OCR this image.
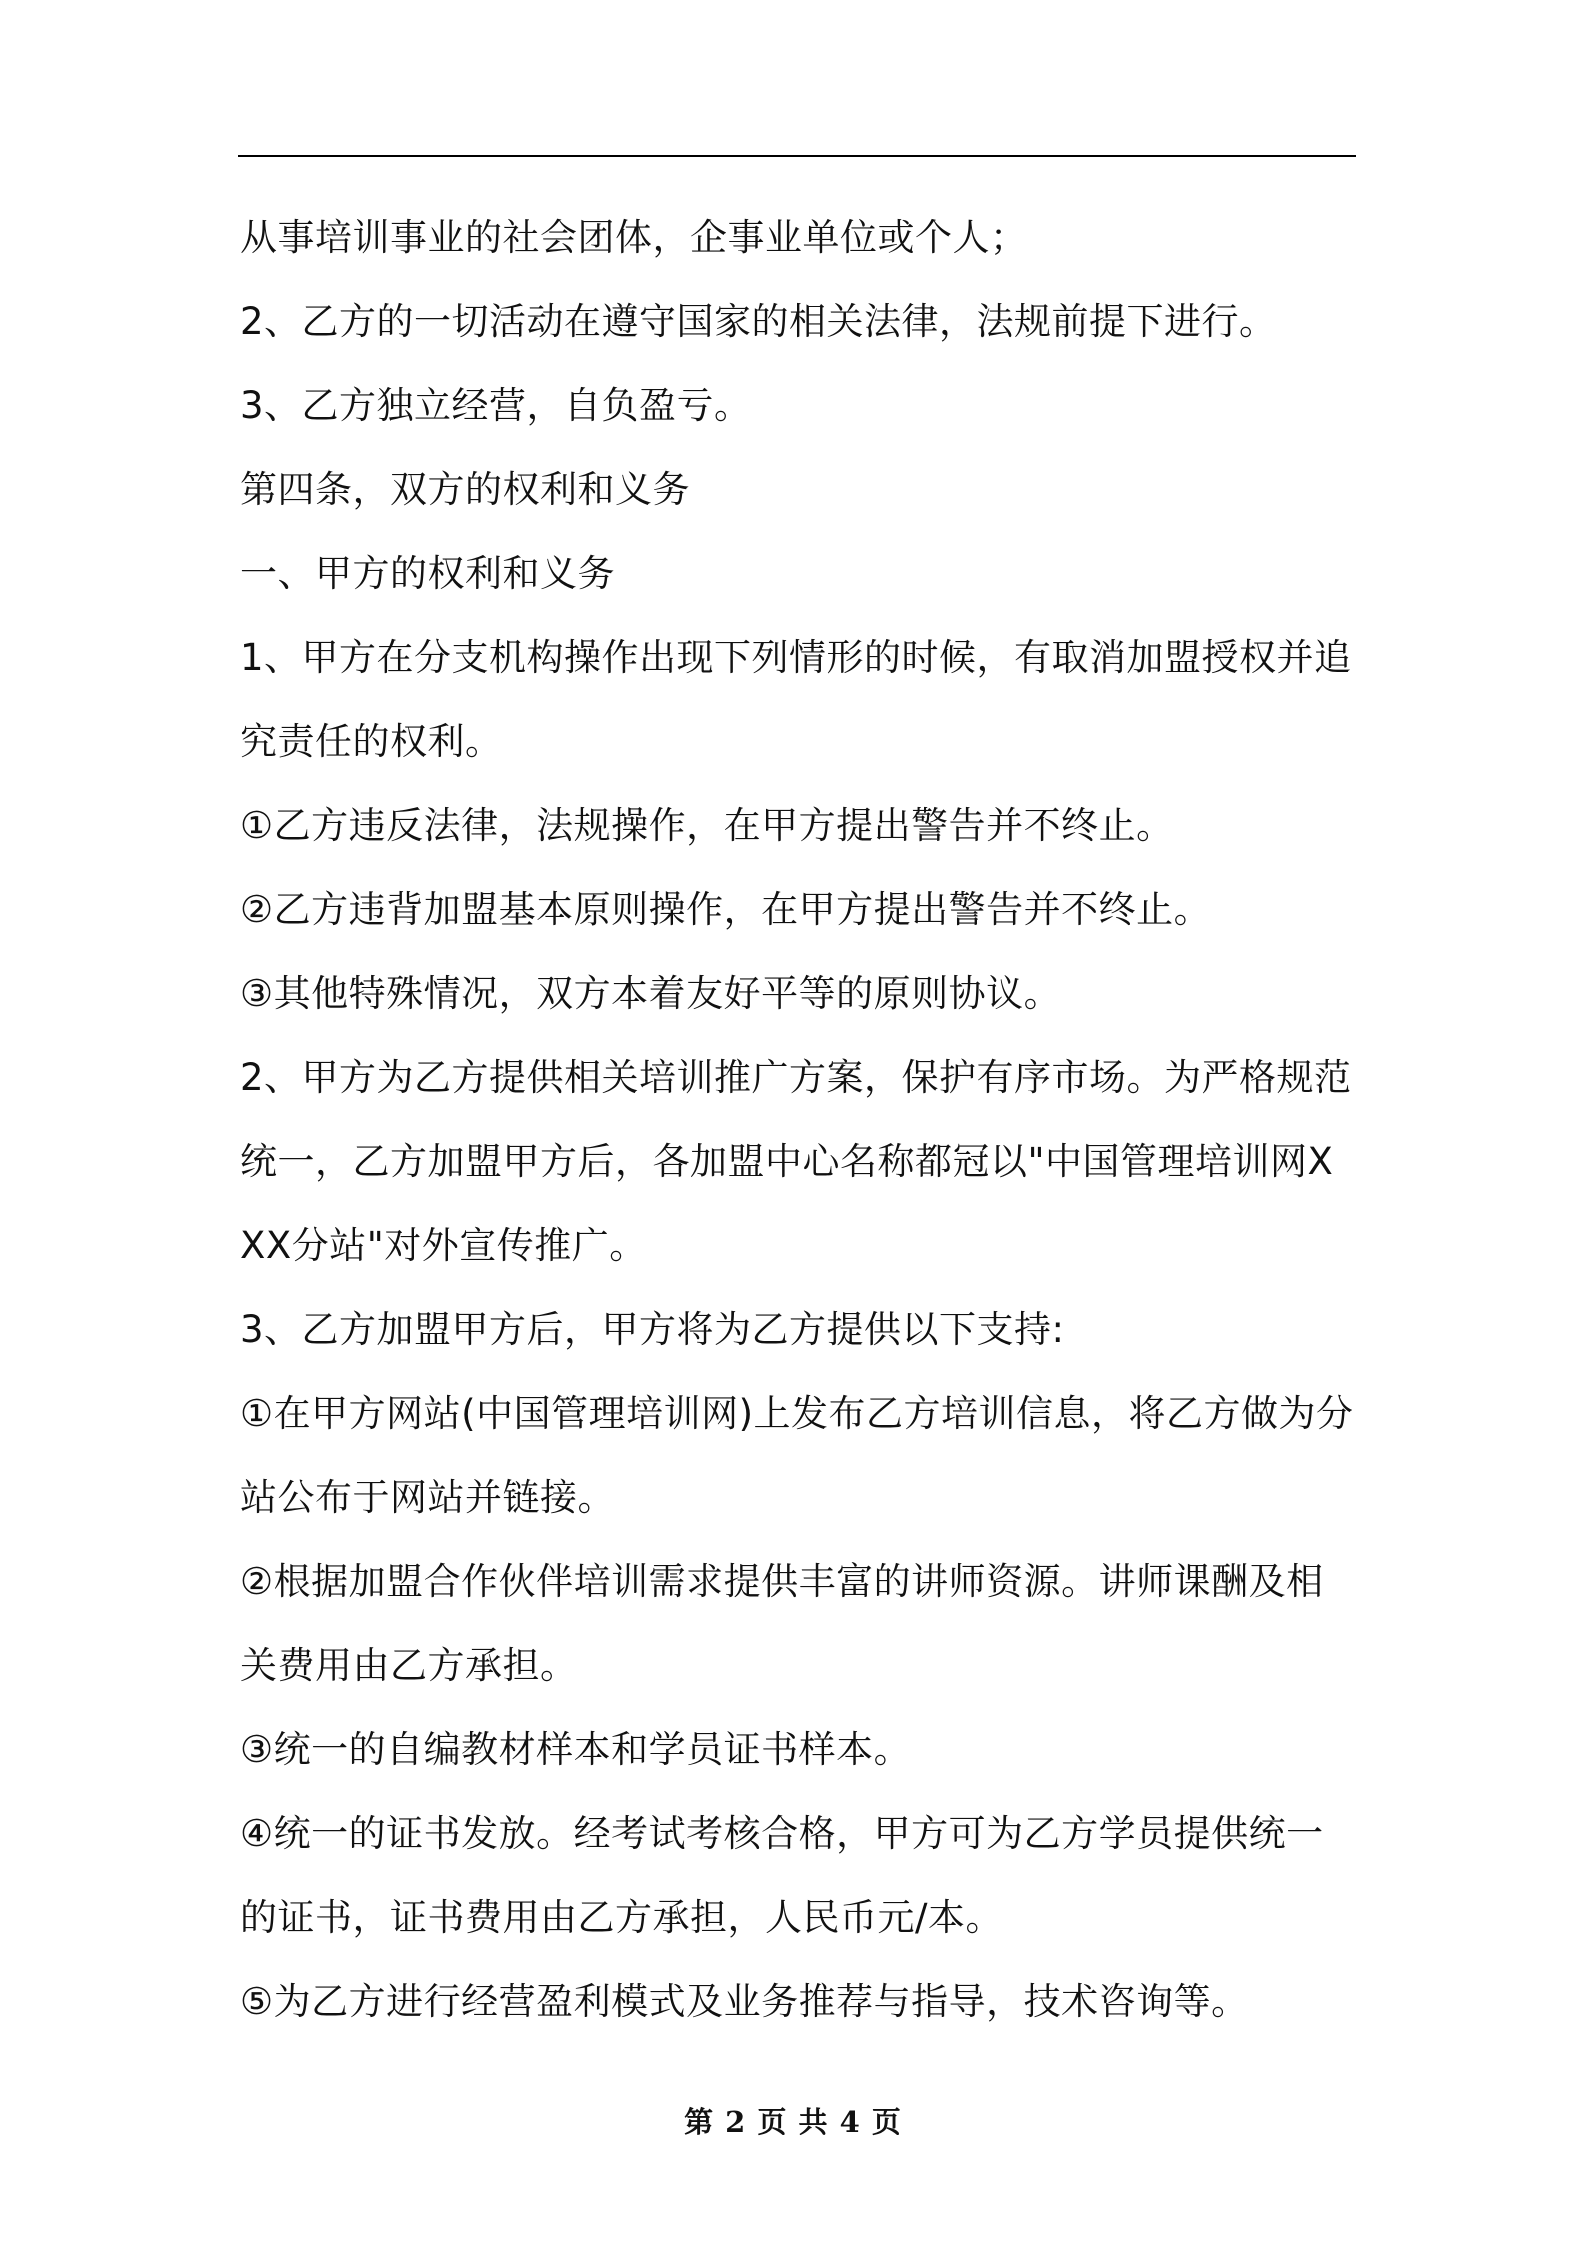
从事培训事业的社会团体，企事业单位或个人；

2、乙方的一切活动在遵守国家的相关法律，法规前提下进行。

3、乙方独立经营，自负盈亏。

第四条，双方的权利和义务

一、甲方的权利和义务

1、甲方在分支机构操作出现下列情形的时候，有取消加盟授权并追究责任的权利。

①乙方违反法律，法规操作，在甲方提出警告并不终止。

②乙方违背加盟基本原则操作，在甲方提出警告并不终止。

③其他特殊情况，双方本着友好平等的原则协议。

2、甲方为乙方提供相关培训推广方案，保护有序市场。为严格规范统一，乙方加盟甲方后，各加盟中心名称都冠以"中国管理培训网XXX分站"对外宣传推广。

3、乙方加盟甲方后，甲方将为乙方提供以下支持:

①在甲方网站(中国管理培训网)上发布乙方培训信息，将乙方做为分站公布于网站并链接。

②根据加盟合作伙伴培训需求提供丰富的讲师资源。讲师课酬及相关费用由乙方承担。

③统一的自编教材样本和学员证书样本。

④统一的证书发放。经考试考核合格，甲方可为乙方学员提供统一的证书，证书费用由乙方承担，人民币元/本。

⑤为乙方进行经营盈利模式及业务推荐与指导，技术咨询等。

第 2 页 共 4 页
